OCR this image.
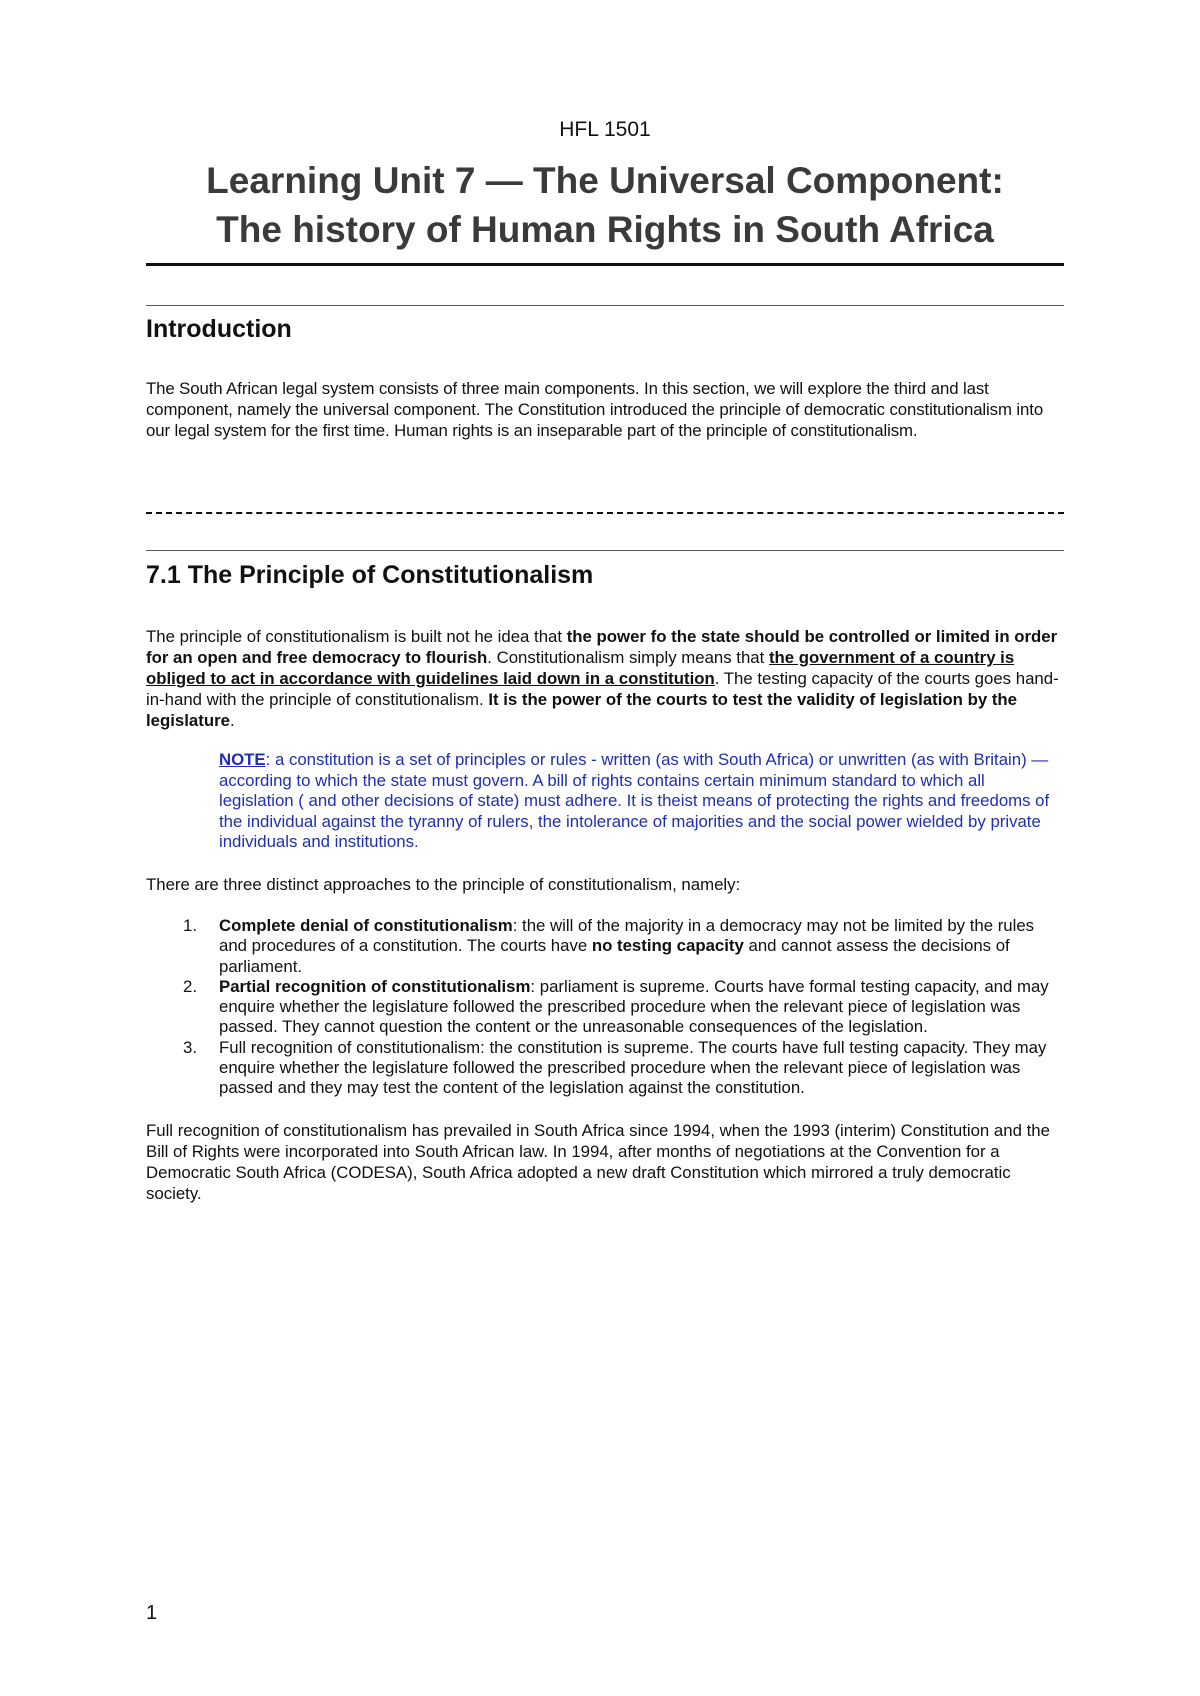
HFL 1501
Learning Unit 7 — The Universal Component:
The history of Human Rights in South Africa
Introduction

The South African legal system consists of three main components. In this section, we will explore the third and last component, namely the universal component. The Constitution introduced the principle of democratic constitutionalism into our legal system for the first time. Human rights is an inseparable part of the principle of constitutionalism.

7.1 The Principle of Constitutionalism

The principle of constitutionalism is built not he idea that the power fo the state should be controlled or limited in order for an open and free democracy to flourish. Constitutionalism simply means that the government of a country is obliged to act in accordance with guidelines laid down in a constitution. The testing capacity of the courts goes hand-in-hand with the principle of constitutionalism. It is the power of the courts to test the validity of legislation by the legislature.

NOTE: a constitution is a set of principles or rules - written (as with South Africa) or unwritten (as with Britain) — according to which the state must govern. A bill of rights contains certain minimum standard to which all legislation ( and other decisions of state) must adhere. It is theist means of protecting the rights and freedoms of the individual against the tyranny of rulers, the intolerance of majorities and the social power wielded by private individuals and institutions.

There are three distinct approaches to the principle of constitutionalism, namely:

1. Complete denial of constitutionalism: the will of the majority in a democracy may not be limited by the rules and procedures of a constitution. The courts have no testing capacity and cannot assess the decisions of parliament.
2. Partial recognition of constitutionalism: parliament is supreme. Courts have formal testing capacity, and may enquire whether the legislature followed the prescribed procedure when the relevant piece of legislation was passed. They cannot question the content or the unreasonable consequences of the legislation.
3. Full recognition of constitutionalism: the constitution is supreme. The courts have full testing capacity. They may enquire whether the legislature followed the prescribed procedure when the relevant piece of legislation was passed and they may test the content of the legislation against the constitution.

Full recognition of constitutionalism has prevailed in South Africa since 1994, when the 1993 (interim) Constitution and the Bill of Rights were incorporated into South African law. In 1994, after months of negotiations at the Convention for a Democratic South Africa (CODESA), South Africa adopted a new draft Constitution which mirrored a truly democratic society.

1
